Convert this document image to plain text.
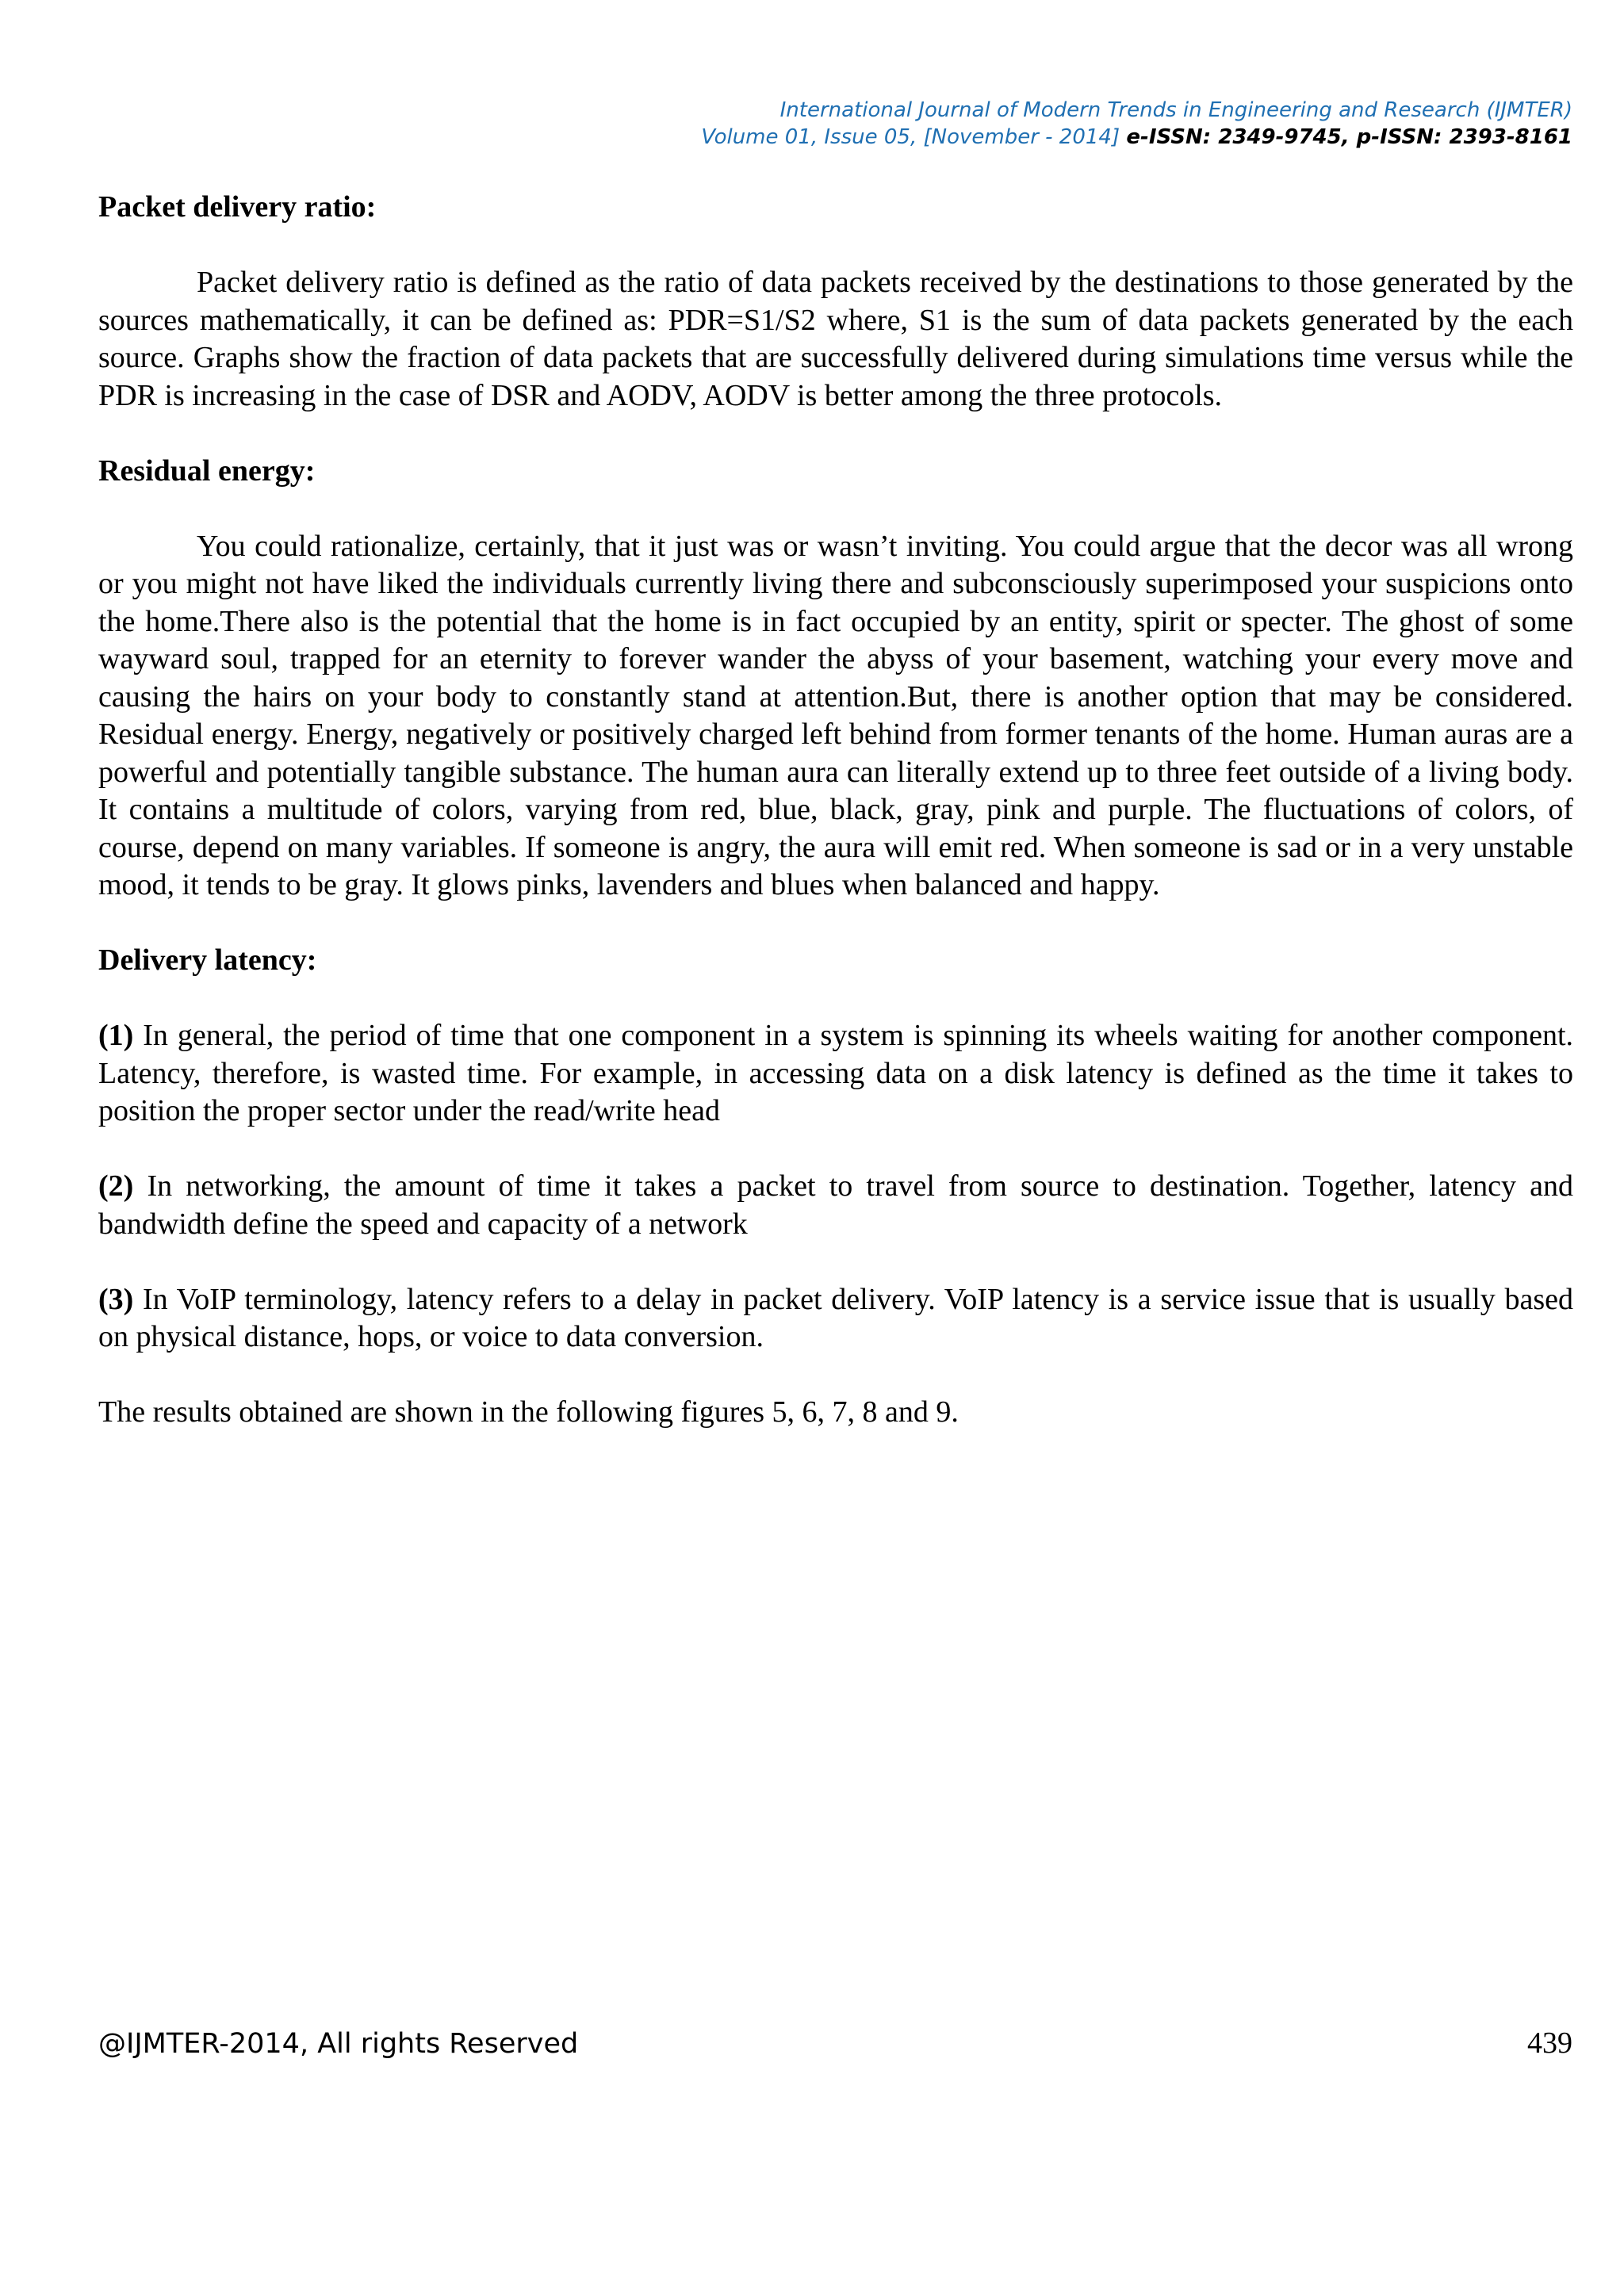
International Journal of Modern Trends in Engineering and Research (IJMTER)
Volume 01, Issue 05, [November - 2014] e-ISSN: 2349-9745, p-ISSN: 2393-8161
Packet delivery ratio:

Packet delivery ratio is defined as the ratio of data packets received by the destinations to those generated by the sources mathematically, it can be defined as: PDR=S1/S2 where, S1 is the sum of data packets generated by the each source. Graphs show the fraction of data packets that are successfully delivered during simulations time versus while the PDR is increasing in the case of DSR and AODV, AODV is better among the three protocols.

Residual energy:

You could rationalize, certainly, that it just was or wasn’t inviting. You could argue that the decor was all wrong or you might not have liked the individuals currently living there and subconsciously superimposed your suspicions onto the home.There also is the potential that the home is in fact occupied by an entity, spirit or specter. The ghost of some wayward soul, trapped for an eternity to forever wander the abyss of your basement, watching your every move and causing the hairs on your body to constantly stand at attention.But, there is another option that may be considered. Residual energy. Energy, negatively or positively charged left behind from former tenants of the home. Human auras are a powerful and potentially tangible substance. The human aura can literally extend up to three feet outside of a living body. It contains a multitude of colors, varying from red, blue, black, gray, pink and purple. The fluctuations of colors, of course, depend on many variables. If someone is angry, the aura will emit red. When someone is sad or in a very unstable mood, it tends to be gray. It glows pinks, lavenders and blues when balanced and happy.

Delivery latency:

(1) In general, the period of time that one component in a system is spinning its wheels waiting for another component. Latency, therefore, is wasted time. For example, in accessing data on a disk latency is defined as the time it takes to position the proper sector under the read/write head

(2) In networking, the amount of time it takes a packet to travel from source to destination. Together, latency and bandwidth define the speed and capacity of a network

(3) In VoIP terminology, latency refers to a delay in packet delivery. VoIP latency is a service issue that is usually based on physical distance, hops, or voice to data conversion.

The results obtained are shown in the following figures 5, 6, 7, 8 and 9.

@IJMTER-2014, All rights Reserved	439
